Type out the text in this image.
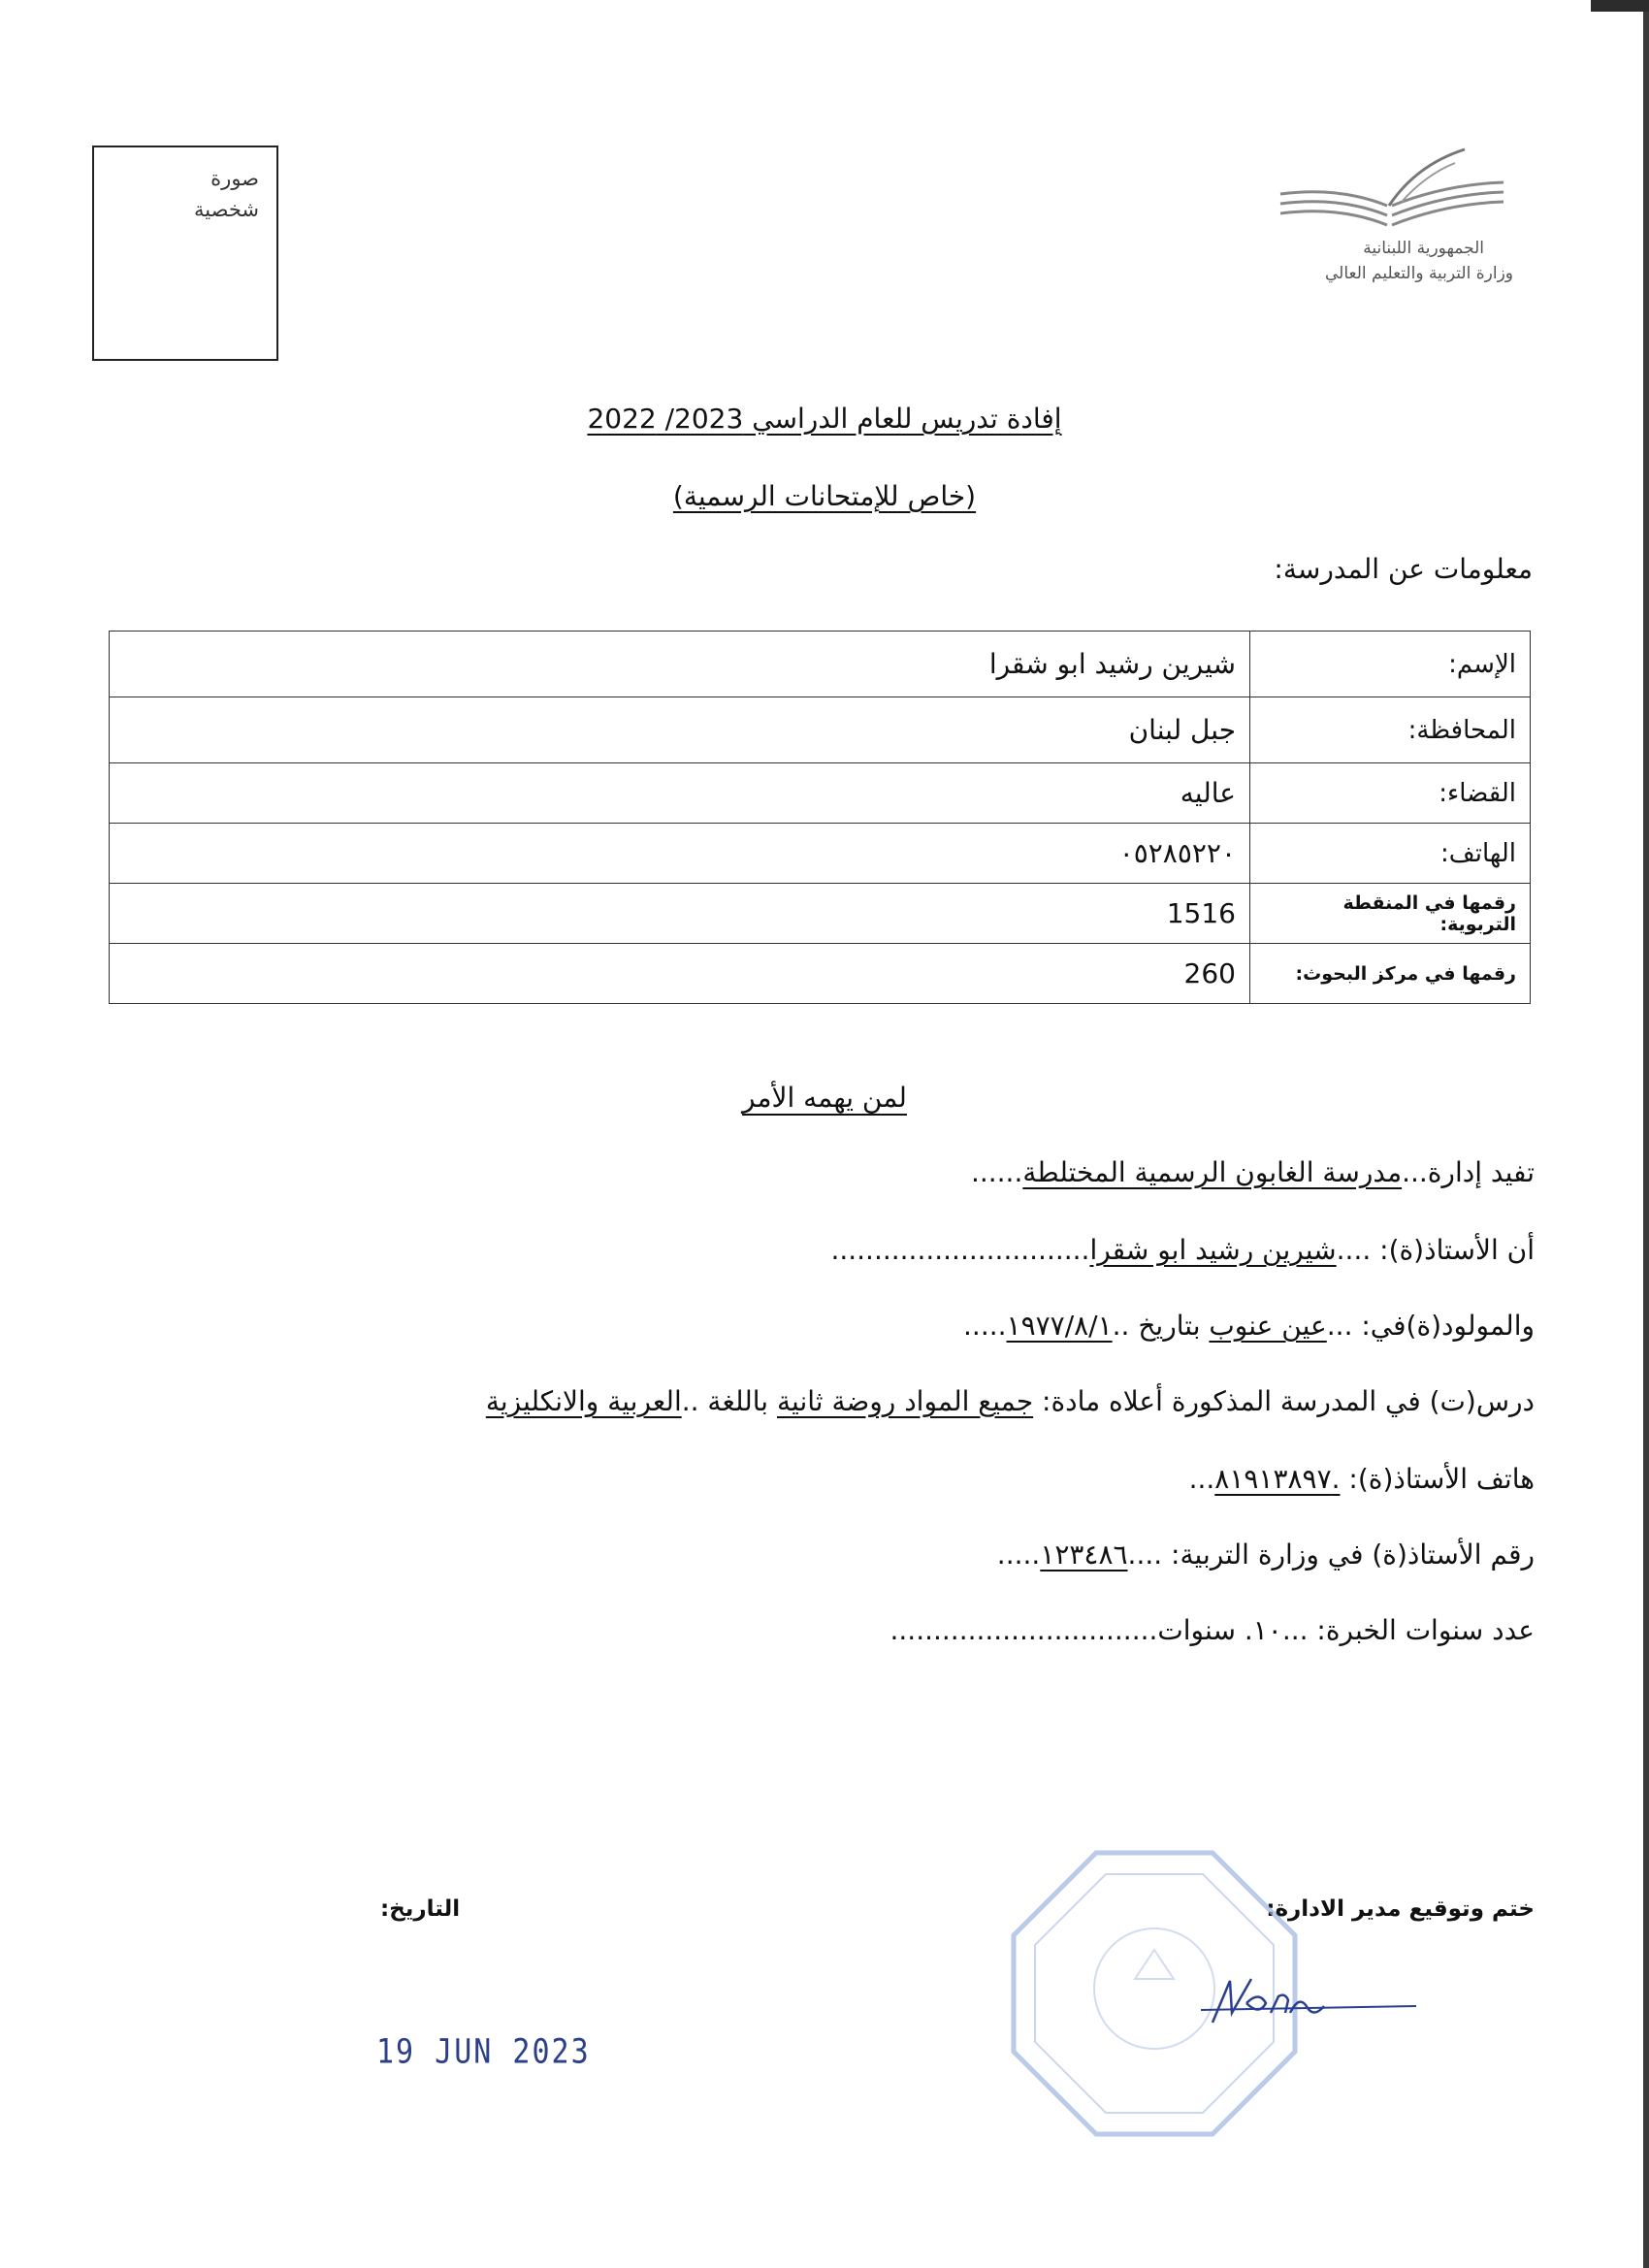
صورة شخصية
الجمهورية اللبنانية
وزارة التربية والتعليم العالي
إفادة تدريس للعام الدراسي 2023/ 2022
(خاص للإمتحانات الرسمية)
معلومات عن المدرسة:
الإسم:	شيرين رشيد ابو شقرا
المحافظة:	جبل لبنان
القضاء:	عاليه
الهاتف:	٠٥٢٨٥٢٢٠
رقمها في المنقطة التربوية:	1516
رقمها في مركز البحوث:	260
لمن يهمه الأمر
تفيد إدارة...مدرسة الغابون الرسمية المختلطة......
أن الأستاذ(ة): ....شيرين رشيد ابو شقرا..............................
والمولود(ة)في: ...عين عنوب بتاريخ ..١٩٧٧/٨/١.....
درس(ت) في المدرسة المذكورة أعلاه مادة: جميع المواد روضة ثانية باللغة ..العربية والانكليزية
هاتف الأستاذ(ة): .٨١٩١٣٨٩٧...
رقم الأستاذ(ة) في وزارة التربية: ....١٢٣٤٨٦.....
عدد سنوات الخبرة: ...١٠. سنوات...............................
ختم وتوقيع مدير الادارة:
التاريخ:
19 JUN 2023
